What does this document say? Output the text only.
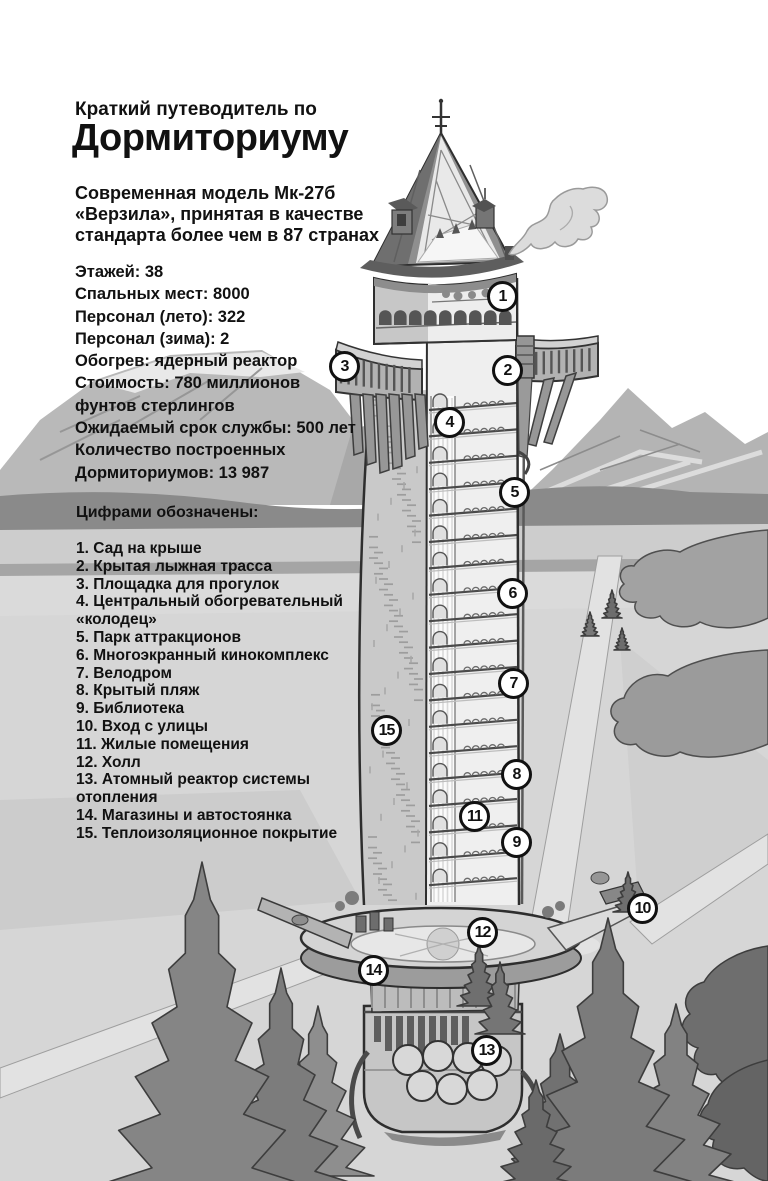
Краткий путеводитель по
Дормиториуму
Современная модель Мк-27б
«Верзила», принятая в качестве
стандарта более чем в 87 странах
Этажей: 38
Спальных мест: 8000
Персонал (лето): 322
Персонал (зима): 2
Обогрев: ядерный реактор
Стоимость: 780 миллионов
фунтов стерлингов
Ожидаемый срок службы: 500 лет
Количество построенных
Дормиториумов: 13 987
Цифрами обозначены:
1. Сад на крыше
2. Крытая лыжная трасса
3. Площадка для прогулок
4. Центральный обогревательный «колодец»
5. Парк аттракционов
6. Многоэкранный кинокомплекс
7. Велодром
8. Крытый пляж
9. Библиотека
10. Вход с улицы
11. Жилые помещения
12. Холл
13. Атомный реактор системы отопления
14. Магазины и автостоянка
15. Теплоизоляционное покрытие
1
2
3
4
5
6
7
8
9
10
11
12
13
14
15
